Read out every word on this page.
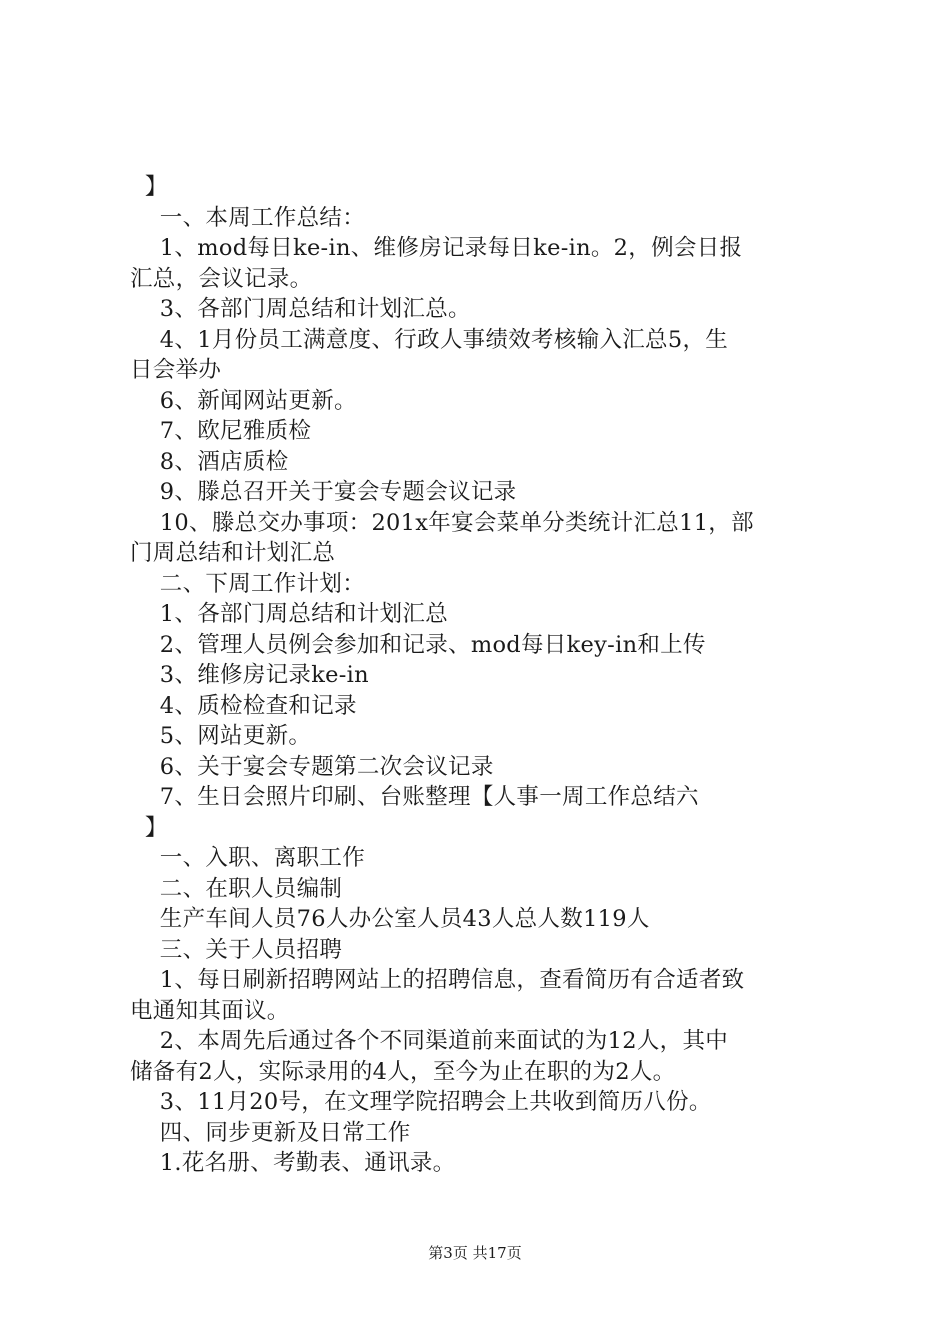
】
一、本周工作总结：
1、mod每日ke-in、维修房记录每日ke-in。2，例会日报
汇总，会议记录。
3、各部门周总结和计划汇总。
4、1月份员工满意度、行政人事绩效考核输入汇总5，生
日会举办
6、新闻网站更新。
7、欧尼雅质检
8、酒店质检
9、滕总召开关于宴会专题会议记录
10、滕总交办事项：201x年宴会菜单分类统计汇总11，部
门周总结和计划汇总
二、下周工作计划：
1、各部门周总结和计划汇总
2、管理人员例会参加和记录、mod每日key-in和上传
3、维修房记录ke-in
4、质检检查和记录
5、网站更新。
6、关于宴会专题第二次会议记录
7、生日会照片印刷、台账整理【人事一周工作总结六
】
一、入职、离职工作
二、在职人员编制
生产车间人员76人办公室人员43人总人数119人
三、关于人员招聘
1、每日刷新招聘网站上的招聘信息，查看简历有合适者致
电通知其面议。
2、本周先后通过各个不同渠道前来面试的为12人，其中
储备有2人，实际录用的4人，至今为止在职的为2人。
3、11月20号，在文理学院招聘会上共收到简历八份。
四、同步更新及日常工作
1.花名册、考勤表、通讯录。
第3页 共17页
